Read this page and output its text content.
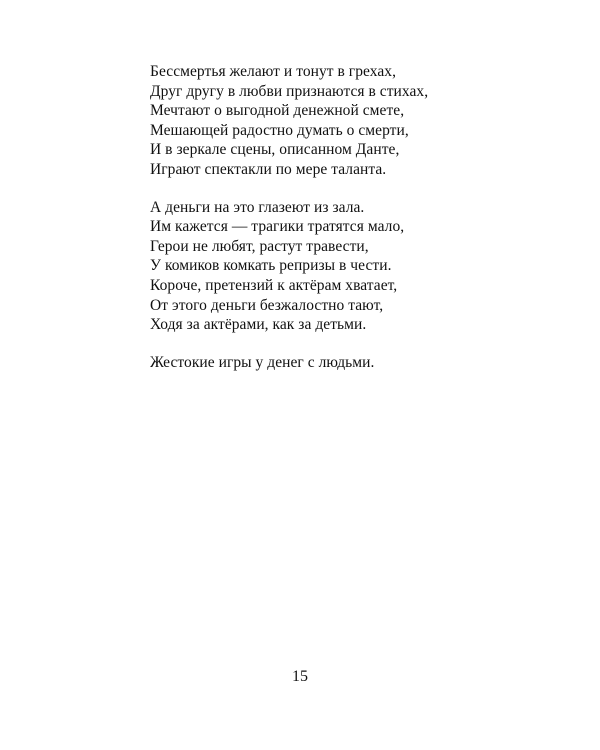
Бессмертья желают и тонут в грехах,
Друг другу в любви признаются в стихах,
Мечтают о выгодной денежной смете,
Мешающей радостно думать о смерти,
И в зеркале сцены, описанном Данте,
Играют спектакли по мере таланта.
А деньги на это глазеют из зала.
Им кажется — трагики тратятся мало,
Герои не любят, растут травести,
У комиков комкать репризы в чести.
Короче, претензий к актёрам хватает,
От этого деньги безжалостно тают,
Ходя за актёрами, как за детьми.
Жестокие игры у денег с людьми.
15
